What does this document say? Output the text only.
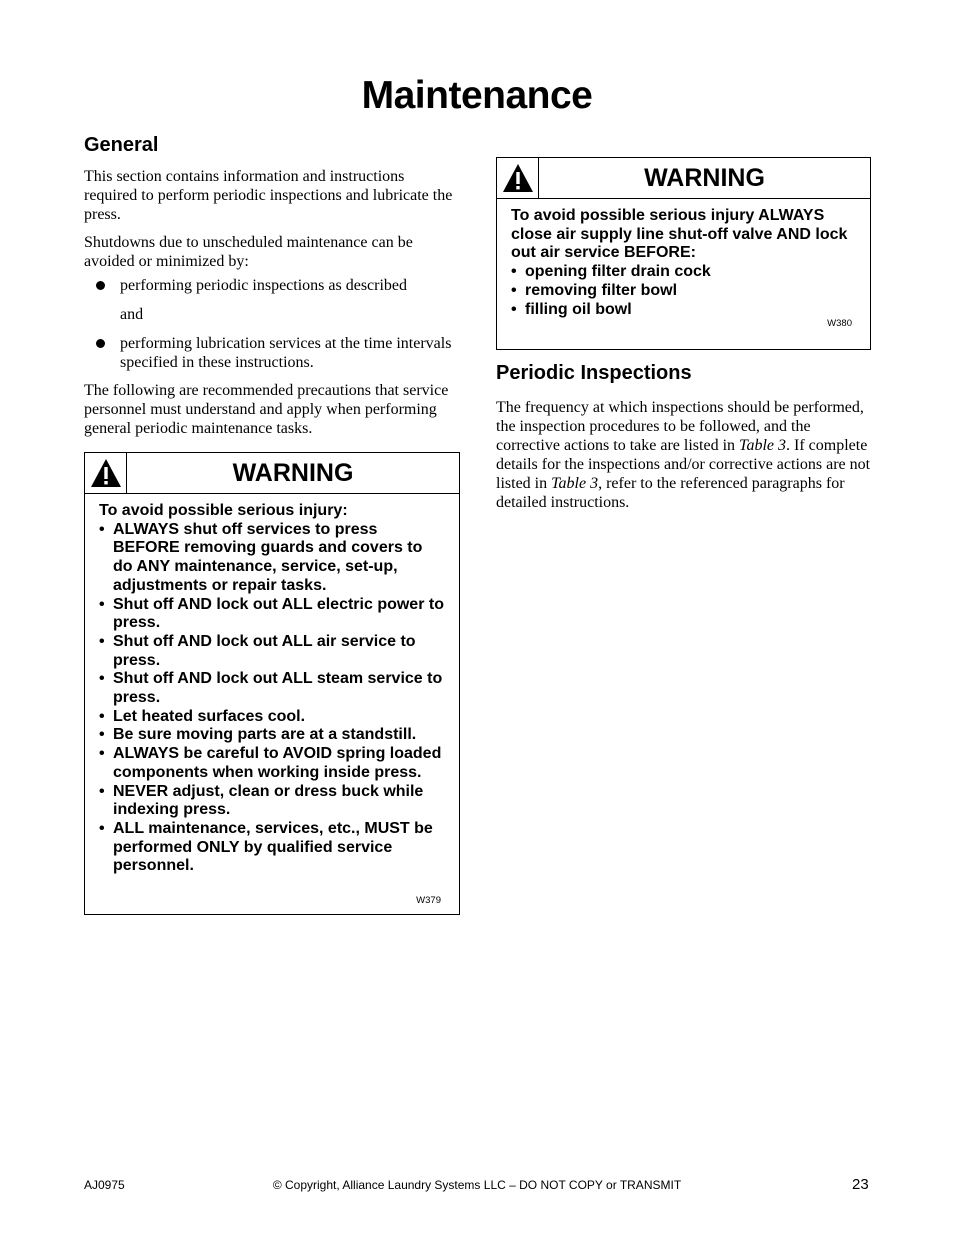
Maintenance
General

This section contains information and instructions required to perform periodic inspections and lubricate the press.

Shutdowns due to unscheduled maintenance can be avoided or minimized by:

performing periodic inspections as described

and

performing lubrication services at the time intervals specified in these instructions.

The following are recommended precautions that service personnel must understand and apply when performing general periodic maintenance tasks.

WARNING

To avoid possible serious injury:

• ALWAYS shut off services to press BEFORE removing guards and covers to do ANY maintenance, service, set-up, adjustments or repair tasks.
• Shut off AND lock out ALL electric power to press.
• Shut off AND lock out ALL air service to press.
• Shut off AND lock out ALL steam service to press.
• Let heated surfaces cool.
• Be sure moving parts are at a standstill.
• ALWAYS be careful to AVOID spring loaded components when working inside press.
• NEVER adjust, clean or dress buck while indexing press.
• ALL maintenance, services, etc., MUST be performed ONLY by qualified service personnel.
W379
WARNING

To avoid possible serious injury ALWAYS close air supply line shut-off valve AND lock out air service BEFORE:

• opening filter drain cock
• removing filter bowl
• filling oil bowl
W380
Periodic Inspections

The frequency at which inspections should be performed, the inspection procedures to be followed, and the corrective actions to take are listed in Table 3. If complete details for the inspections and/or corrective actions are not listed in Table 3, refer to the referenced paragraphs for detailed instructions.

AJ0975	© Copyright, Alliance Laundry Systems LLC – DO NOT COPY or TRANSMIT	23
